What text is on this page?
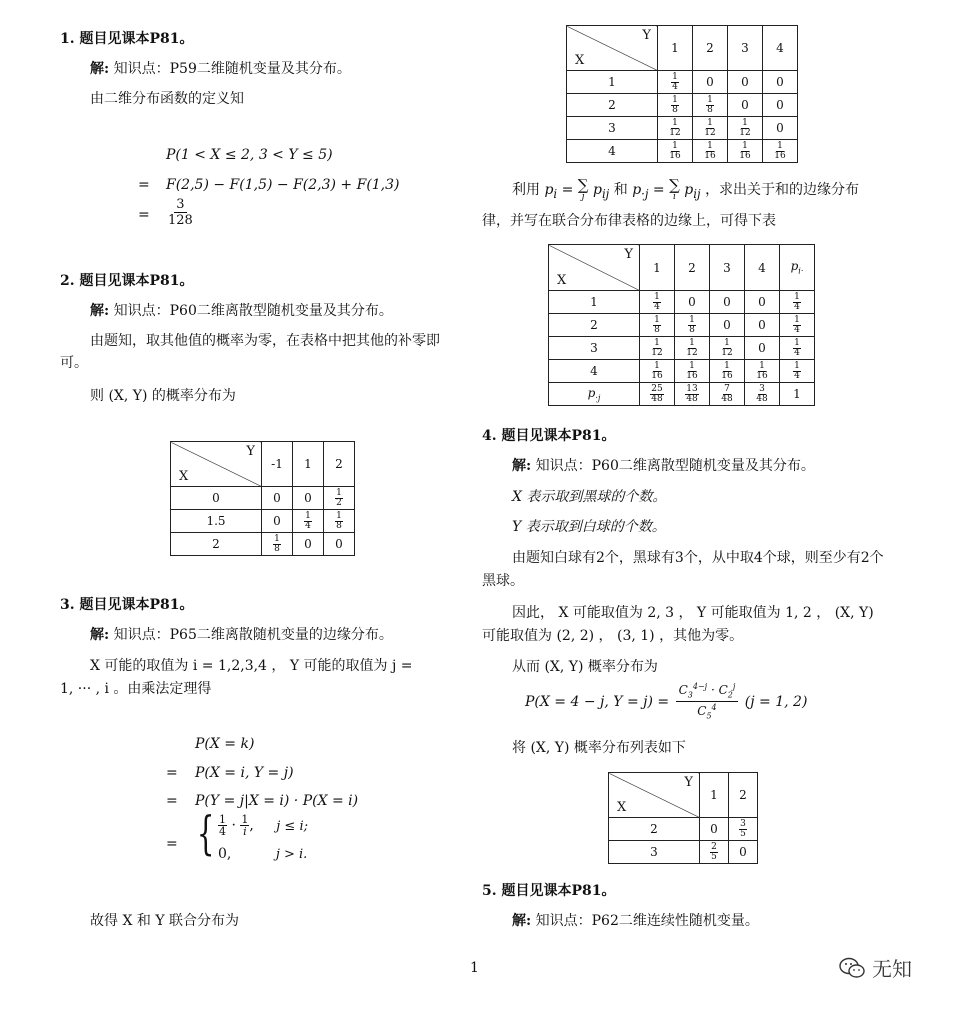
1. 题目见课本P81。
解: 知识点：P59二维随机变量及其分布。
由二维分布函数的定义知
P(1 < X ≤ 2, 3 < Y ≤ 5)
= F(2,5) − F(1,5) − F(2,3) + F(1,3)
= $\frac{3}{128}$
2. 题目见课本P81。
解: 知识点：P60二维离散型随机变量及其分布。
由题知，取其他值的概率为零，在表格中把其他的补零即
可。
则 (X, Y) 的概率分布为
Y
X	-1	1	2
0	0	0	$\frac{1}{2}$

1.5	0	$\frac{1}{4}$	$\frac{1}{8}$

2	$\frac{1}{8}$	0	0
3. 题目见课本P81。
解: 知识点：P65二维离散随机变量的边缘分布。
X 可能的取值为 i = 1,2,3,4 ， Y 可能的取值为 j =
1, ··· , i 。由乘法定理得
P(X = k)
= P(X = i, Y = j)
= P(Y = j|X = i) · P(X = i)
= { $\frac{1}{4} \cdot \frac{1}{i}$ , j ≤ i;
0,	j > i.
故得 X 和 Y 联合分布为
Y
X	1	2	3	4
1	$\frac{1}{4}$	0	0	0
2	$\frac{1}{8}$	$\frac{1}{8}$	0	0
3	$\frac{1}{12}$	$\frac{1}{12}$	$\frac{1}{12}$	0
4	$\frac{1}{16}$	$\frac{1}{16}$	$\frac{1}{16}$	$\frac{1}{16}$
利用 $p_i$ = ∑
j $p_{ij}$ 和 $p_{\cdot j}$ = ∑
i $p_{ij}$ ，求出关于和的边缘分布
律，并写在联合分布律表格的边缘上，可得下表
Y
X	1	2	3	4	$p_{i\cdot}$
1	$\frac{1}{4}$	0	0	0	$\frac{1}{4}$

2	$\frac{1}{8}$	$\frac{1}{8}$	0	0	$\frac{1}{4}$

3	$\frac{1}{12}$	$\frac{1}{12}$	$\frac{1}{12}$	0	$\frac{1}{4}$

4	$\frac{1}{16}$	$\frac{1}{16}$	$\frac{1}{16}$	$\frac{1}{16}$	$\frac{1}{4}$

$p_{\cdot j}$	$\frac{25}{48}$	$\frac{13}{48}$	$\frac{7}{48}$	$\frac{3}{48}$	1
4. 题目见课本P81。
解: 知识点：P60二维离散型随机变量及其分布。
X 表示取到黑球的个数。
Y 表示取到白球的个数。
由题知白球有2个，黑球有3个，从中取4个球，则至少有2个
黑球。
因此， X 可能取值为 2, 3 ， Y 可能取值为 1, 2 ， (X, Y)
可能取值为 (2, 2) ， (3, 1) ，其他为零。
从而 (X, Y) 概率分布为
P(X = 4 − j, $Y = j) = \frac{C_3^{4-j} \cdot C_2^j}{C_5^4} (j = 1$, 2)
将 (X, Y) 概率分布列表如下
Y
X	1	2
2	0	$\frac{3}{5}$

3	$\frac{2}{5}$	0
5. 题目见课本P81。
解: 知识点：P62二维连续性随机变量。
1	无知
